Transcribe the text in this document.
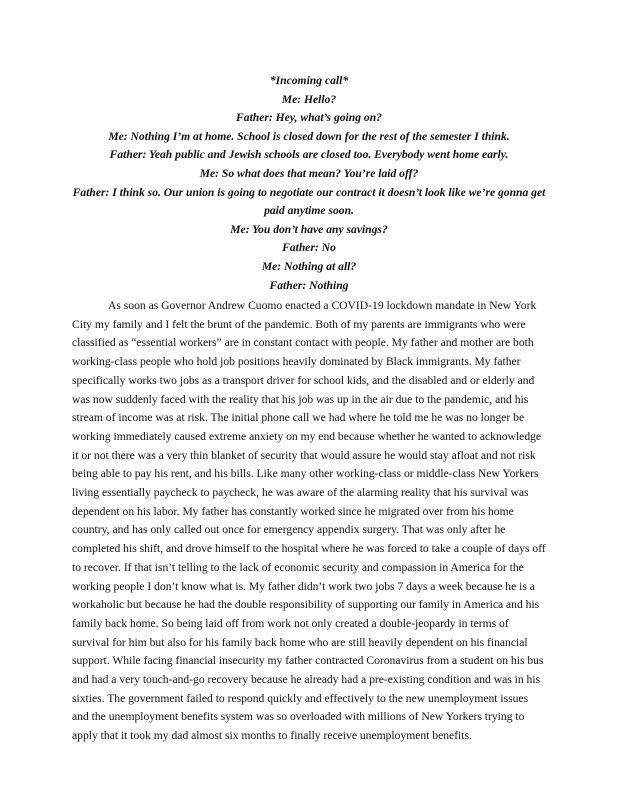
*Incoming call*
Me: Hello?
Father: Hey, what’s going on?
Me: Nothing I’m at home. School is closed down for the rest of the semester I think.
Father: Yeah public and Jewish schools are closed too. Everybody went home early.
Me: So what does that mean? You’re laid off?
Father: I think so. Our union is going to negotiate our contract it doesn’t look like we’re gonna get paid anytime soon.
Me: You don’t have any savings?
Father: No
Me: Nothing at all?
Father: Nothing

As soon as Governor Andrew Cuomo enacted a COVID-19 lockdown mandate in New York City my family and I felt the brunt of the pandemic. Both of my parents are immigrants who were classified as “essential workers” are in constant contact with people. My father and mother are both working-class people who hold job positions heavily dominated by Black immigrants. My father specifically works two jobs as a transport driver for school kids, and the disabled and or elderly and was now suddenly faced with the reality that his job was up in the air due to the pandemic, and his stream of income was at risk. The initial phone call we had where he told me he was no longer be working immediately caused extreme anxiety on my end because whether he wanted to acknowledge it or not there was a very thin blanket of security that would assure he would stay afloat and not risk being able to pay his rent, and his bills. Like many other working-class or middle-class New Yorkers living essentially paycheck to paycheck, he was aware of the alarming reality that his survival was dependent on his labor. My father has constantly worked since he migrated over from his home country, and has only called out once for emergency appendix surgery. That was only after he completed his shift, and drove himself to the hospital where he was forced to take a couple of days off to recover. If that isn’t telling to the lack of economic security and compassion in America for the working people I don’t know what is. My father didn’t work two jobs 7 days a week because he is a workaholic but because he had the double responsibility of supporting our family in America and his family back home. So being laid off from work not only created a double-jeopardy in terms of survival for him but also for his family back home who are still heavily dependent on his financial support. While facing financial insecurity my father contracted Coronavirus from a student on his bus and had a very touch-and-go recovery because he already had a pre-existing condition and was in his sixties. The government failed to respond quickly and effectively to the new unemployment issues and the unemployment benefits system was so overloaded with millions of New Yorkers trying to apply that it took my dad almost six months to finally receive unemployment benefits.
